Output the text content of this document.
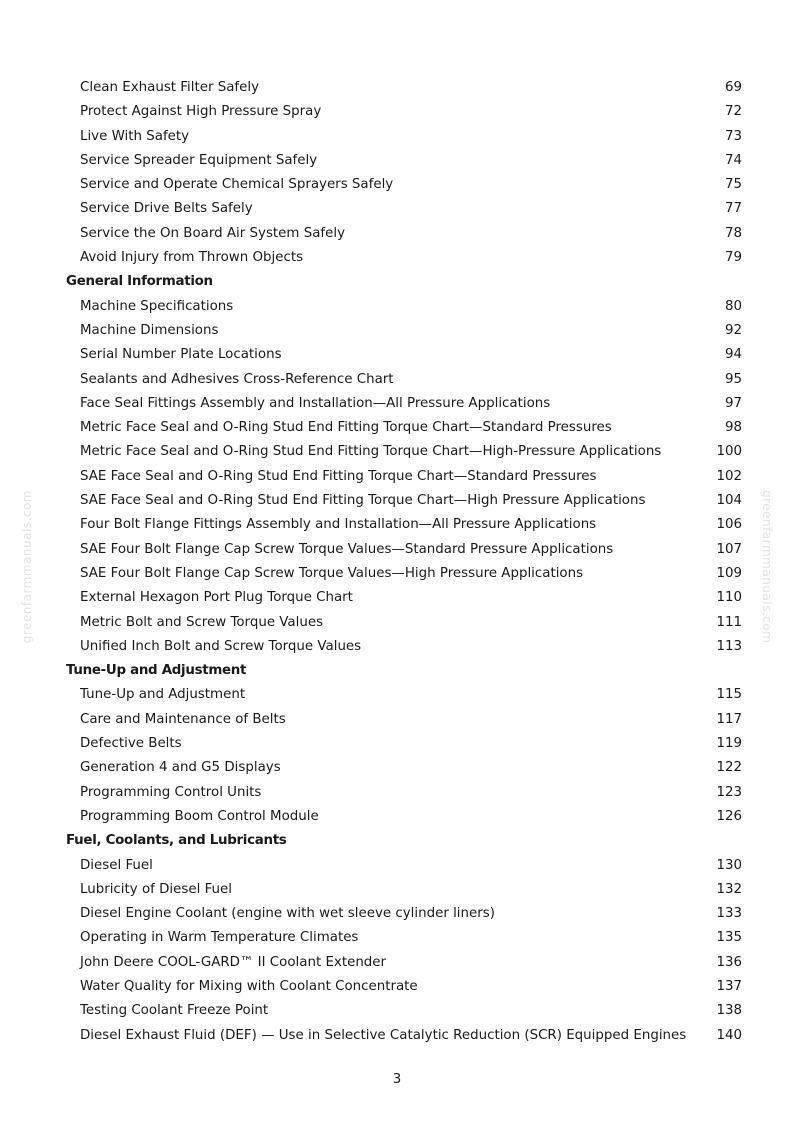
greenfarmmanuals.com	greenfarmmanuals.com
Clean Exhaust Filter Safely	69
Protect Against High Pressure Spray	72
Live With Safety	73
Service Spreader Equipment Safely	74
Service and Operate Chemical Sprayers Safely	75
Service Drive Belts Safely	77
Service the On Board Air System Safely	78
Avoid Injury from Thrown Objects	79
General Information
Machine Specifications	80
Machine Dimensions	92
Serial Number Plate Locations	94
Sealants and Adhesives Cross-Reference Chart	95
Face Seal Fittings Assembly and Installation—All Pressure Applications	97
Metric Face Seal and O-Ring Stud End Fitting Torque Chart—Standard Pressures	98
Metric Face Seal and O-Ring Stud End Fitting Torque Chart—High-Pressure Applications	100
SAE Face Seal and O-Ring Stud End Fitting Torque Chart—Standard Pressures	102
SAE Face Seal and O-Ring Stud End Fitting Torque Chart—High Pressure Applications	104
Four Bolt Flange Fittings Assembly and Installation—All Pressure Applications	106
SAE Four Bolt Flange Cap Screw Torque Values—Standard Pressure Applications	107
SAE Four Bolt Flange Cap Screw Torque Values—High Pressure Applications	109
External Hexagon Port Plug Torque Chart	110
Metric Bolt and Screw Torque Values	111
Unified Inch Bolt and Screw Torque Values	113
Tune-Up and Adjustment
Tune-Up and Adjustment	115
Care and Maintenance of Belts	117
Defective Belts	119
Generation 4 and G5 Displays	122
Programming Control Units	123
Programming Boom Control Module	126
Fuel, Coolants, and Lubricants
Diesel Fuel	130
Lubricity of Diesel Fuel	132
Diesel Engine Coolant (engine with wet sleeve cylinder liners)	133
Operating in Warm Temperature Climates	135
John Deere COOL-GARD™ II Coolant Extender	136
Water Quality for Mixing with Coolant Concentrate	137
Testing Coolant Freeze Point	138
Diesel Exhaust Fluid (DEF) — Use in Selective Catalytic Reduction (SCR) Equipped Engines 140
3
